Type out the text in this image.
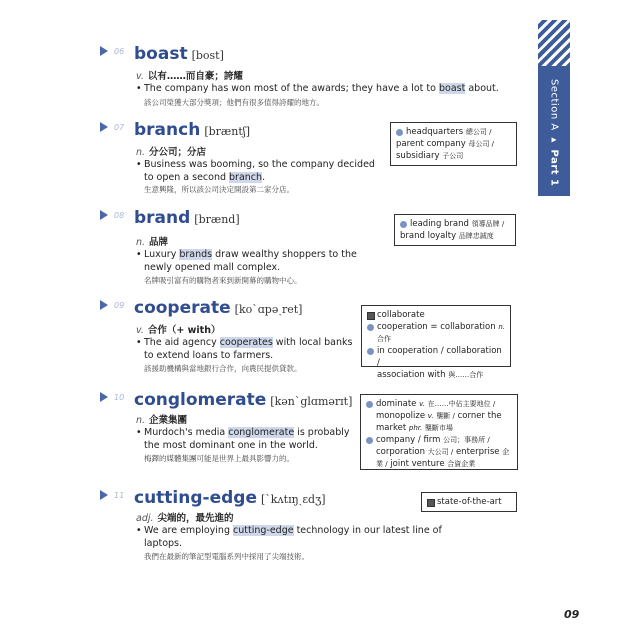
Section A ▸ Part 1
06 boast [bost]
v. 以有……而自豪；誇耀
• The company has won most of the awards; they have a lot to boast about.
該公司榮獲大部分獎項；他們有很多值得誇耀的地方。
07 branch [bræntʃ]
n. 分公司；分店
• Business was booming, so the company decided to open a second branch.
生意興隆，所以該公司決定開設第二家分店。
headquarters 總公司 /
parent company 母公司 /
subsidiary 子公司
08 brand [brænd]
n. 品牌
• Luxury brands draw wealthy shoppers to the newly opened mall complex.
名牌吸引富有的購物者來到新開幕的購物中心。
leading brand 領導品牌 /
brand loyalty 品牌忠誠度
09 cooperate [koˋɑpəˏret]
v. 合作（+ with）
• The aid agency cooperates with local banks to extend loans to farmers.
該援助機構與當地銀行合作，向農民提供貸款。
collaborate
cooperation = collaboration n.
合作
in cooperation / collaboration /
association with 與……合作
10 conglomerate [kənˋglɑmərɪt]
n. 企業集團
• Murdoch's media conglomerate is probably the most dominant one in the world.
梅鐸的媒體集團可能是世界上最具影響力的。
dominate v. 在……中佔主要地位 /
monopolize v. 壟斷 / corner the
market phr. 壟斷市場
company / firm 公司；事務所 /
corporation 大公司 / enterprise 企
業 / joint venture 合資企業
11 cutting-edge [ˋkʌtɪŋˏɛdʒ]
adj. 尖端的，最先進的
• We are employing cutting-edge technology in our latest line of laptops.
我們在最新的筆記型電腦系列中採用了尖端技術。
state-of-the-art
09
